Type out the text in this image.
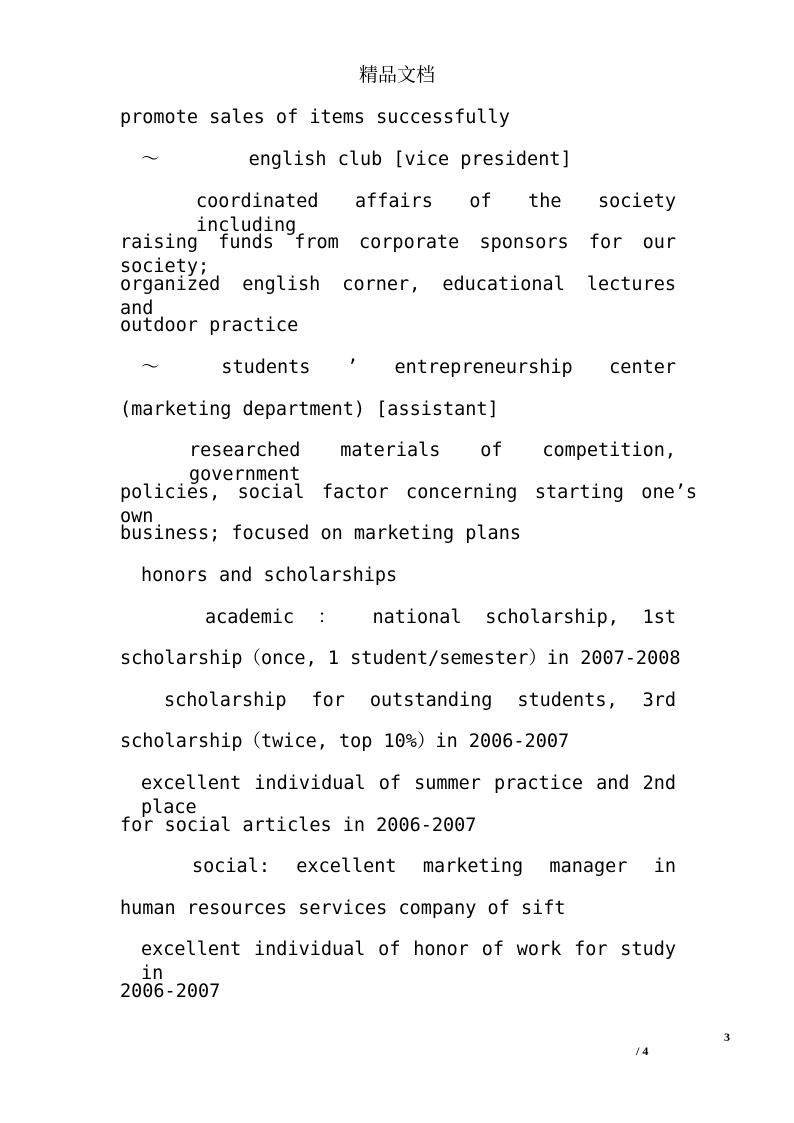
精品文档
promote sales of items successfully
～        english club [vice president]
coordinated affairs of the society including
raising funds from corporate sponsors for our society;
organized english corner, educational lectures and
outdoor practice
～ students ’ entrepreneurship center
(marketing department) [assistant]
researched materials of competition, government
policies, social factor concerning starting one’s own
business; focused on marketing plans
honors and scholarships
academic ： national scholarship, 1st
scholarship（once, 1 student/semester）in 2007-2008
scholarship for outstanding students, 3rd
scholarship（twice, top 10%）in 2006-2007
excellent individual of summer practice and 2nd place
for social articles in 2006-2007
social: excellent marketing manager in
human resources services company of sift
excellent individual of honor of work for study in
2006-2007
3
/ 4
